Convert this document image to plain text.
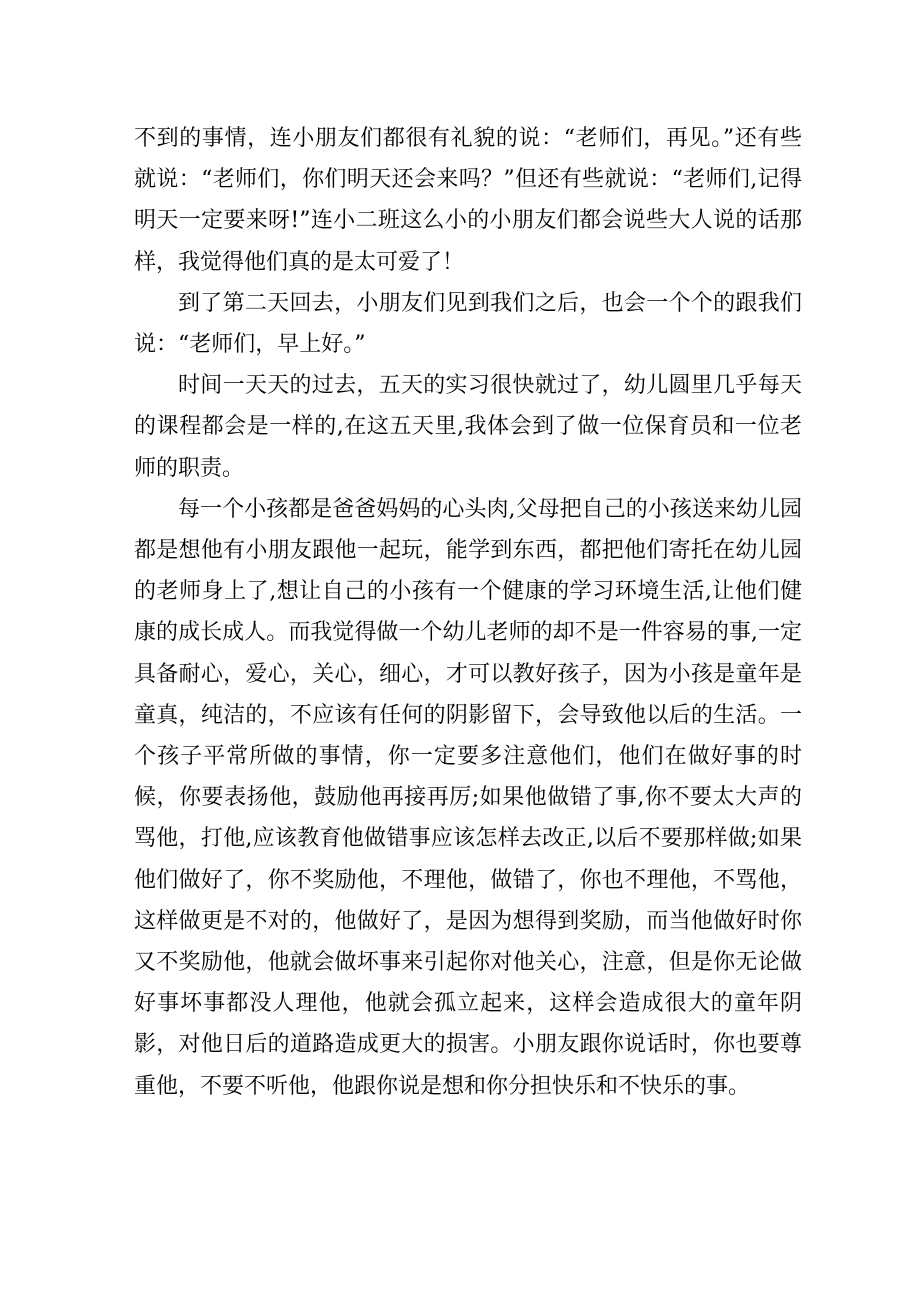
不到的事情，连小朋友们都很有礼貌的说：“老师们，再见。”还有些就说：“老师们，你们明天还会来吗？”但还有些就说：“老师们,记得明天一定要来呀!”连小二班这么小的小朋友们都会说些大人说的话那样，我觉得他们真的是太可爱了！

到了第二天回去，小朋友们见到我们之后，也会一个个的跟我们说：“老师们，早上好。”

时间一天天的过去，五天的实习很快就过了，幼儿圆里几乎每天的课程都会是一样的,在这五天里,我体会到了做一位保育员和一位老师的职责。

每一个小孩都是爸爸妈妈的心头肉,父母把自己的小孩送来幼儿园都是想他有小朋友跟他一起玩，能学到东西，都把他们寄托在幼儿园的老师身上了,想让自己的小孩有一个健康的学习环境生活,让他们健康的成长成人。而我觉得做一个幼儿老师的却不是一件容易的事,一定具备耐心，爱心，关心，细心，才可以教好孩子，因为小孩是童年是童真，纯洁的，不应该有任何的阴影留下，会导致他以后的生活。一个孩子平常所做的事情，你一定要多注意他们，他们在做好事的时候，你要表扬他，鼓励他再接再厉;如果他做错了事,你不要太大声的骂他，打他,应该教育他做错事应该怎样去改正,以后不要那样做;如果他们做好了，你不奖励他，不理他，做错了，你也不理他，不骂他，这样做更是不对的，他做好了，是因为想得到奖励，而当他做好时你又不奖励他，他就会做坏事来引起你对他关心，注意，但是你无论做好事坏事都没人理他，他就会孤立起来，这样会造成很大的童年阴影，对他日后的道路造成更大的损害。小朋友跟你说话时，你也要尊重他，不要不听他，他跟你说是想和你分担快乐和不快乐的事。
